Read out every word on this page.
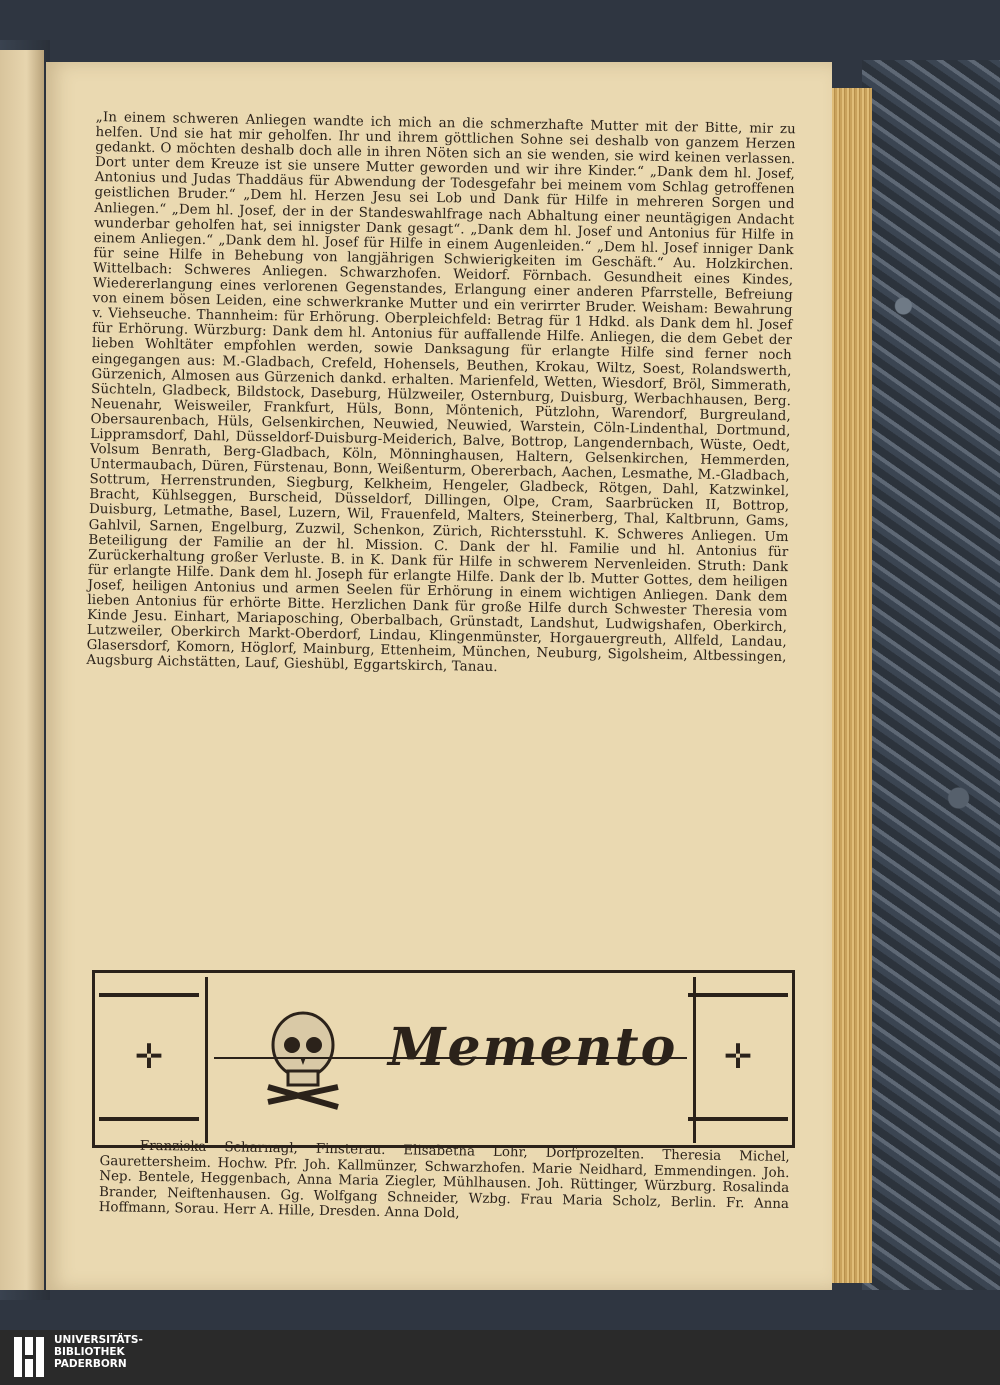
„In einem schweren Anliegen wandte ich mich an die schmerzhafte Mutter mit der Bitte, mir zu helfen. Und sie hat mir geholfen. Ihr und ihrem göttlichen Sohne sei deshalb von ganzem Herzen gedankt. O möchten deshalb doch alle in ihren Nöten sich an sie wenden, sie wird keinen verlassen. Dort unter dem Kreuze ist sie unsere Mutter geworden und wir ihre Kinder.“ „Dank dem hl. Josef, Antonius und Judas Thaddäus für Abwendung der Todesgefahr bei meinem vom Schlag getroffenen geistlichen Bruder.“ „Dem hl. Herzen Jesu sei Lob und Dank für Hilfe in mehreren Sorgen und Anliegen.“ „Dem hl. Josef, der in der Standeswahlfrage nach Abhaltung einer neuntägigen Andacht wunderbar geholfen hat, sei innigster Dank gesagt“. „Dank dem hl. Josef und Antonius für Hilfe in einem Anliegen.“ „Dank dem hl. Josef für Hilfe in einem Augenleiden.“ „Dem hl. Josef inniger Dank für seine Hilfe in Behebung von langjährigen Schwierigkeiten im Geschäft.“ Au. Holzkirchen. Wittelbach: Schweres Anliegen. Schwarzhofen. Weidorf. Förnbach. Gesundheit eines Kindes, Wiedererlangung eines verlorenen Gegenstandes, Erlangung einer anderen Pfarrstelle, Befreiung von einem bösen Leiden, eine schwerkranke Mutter und ein verirrter Bruder. Weisham: Bewahrung v. Viehseuche. Thannheim: für Erhörung. Oberpleichfeld: Betrag für 1 Hdkd. als Dank dem hl. Josef für Erhörung. Würzburg: Dank dem hl. Antonius für auffallende Hilfe. Anliegen, die dem Gebet der lieben Wohltäter empfohlen werden, sowie Danksagung für erlangte Hilfe sind ferner noch eingegangen aus: M.-Gladbach, Crefeld, Hohensels, Beuthen, Krokau, Wiltz, Soest, Rolandswerth, Gürzenich, Almosen aus Gürzenich dankd. erhalten. Marienfeld, Wetten, Wiesdorf, Bröl, Simmerath, Süchteln, Gladbeck, Bildstock, Daseburg, Hülzweiler, Osternburg, Duisburg, Werbachhausen, Berg. Neuenahr, Weisweiler, Frankfurt, Hüls, Bonn, Möntenich, Pützlohn, Warendorf, Burgreuland, Obersaurenbach, Hüls, Gelsenkirchen, Neuwied, Neuwied, Warstein, Cöln-Lindenthal, Dortmund, Lippramsdorf, Dahl, Düsseldorf-Duisburg-Meiderich, Balve, Bottrop, Langendernbach, Wüste, Oedt, Volsum Benrath, Berg-Gladbach, Köln, Mönninghausen, Haltern, Gelsenkirchen, Hemmerden, Untermaubach, Düren, Fürstenau, Bonn, Weißenturm, Obererbach, Aachen, Lesmathe, M.-Gladbach, Sottrum, Herrenstrunden, Siegburg, Kelkheim, Hengeler, Gladbeck, Rötgen, Dahl, Katzwinkel, Bracht, Kühlseggen, Burscheid, Düsseldorf, Dillingen, Olpe, Cram, Saarbrücken II, Bottrop, Duisburg, Letmathe, Basel, Luzern, Wil, Frauenfeld, Malters, Steinerberg, Thal, Kaltbrunn, Gams, Gahlvil, Sarnen, Engelburg, Zuzwil, Schenkon, Zürich, Richtersstuhl. K. Schweres Anliegen. Um Beteiligung der Familie an der hl. Mission. C. Dank der hl. Familie und hl. Antonius für Zurückerhaltung großer Verluste. B. in K. Dank für Hilfe in schwerem Nervenleiden. Struth: Dank für erlangte Hilfe. Dank dem hl. Joseph für erlangte Hilfe. Dank der lb. Mutter Gottes, dem heiligen Josef, heiligen Antonius und armen Seelen für Erhörung in einem wichtigen Anliegen. Dank dem lieben Antonius für erhörte Bitte. Herzlichen Dank für große Hilfe durch Schwester Theresia vom Kinde Jesu. Einhart, Mariaposching, Oberbalbach, Grünstadt, Landshut, Ludwigshafen, Oberkirch, Lutzweiler, Oberkirch Markt-Oberdorf, Lindau, Klingenmünster, Horgauergreuth, Allfeld, Landau, Glasersdorf, Komorn, Höglorf, Mainburg, Ettenheim, München, Neuburg, Sigolsheim, Altbessingen, Augsburg Aichstätten, Lauf, Gieshübl, Eggartskirch, Tanau.

✛	Memento ✛

Franziska Scharnagl, Finsterau. Elisabetha Löhr, Dorfprozelten. Theresia Michel, Gaurettersheim. Hochw. Pfr. Joh. Kallmünzer, Schwarzhofen. Marie Neidhard, Emmendingen. Joh. Nep. Bentele, Heggenbach, Anna Maria Ziegler, Mühlhausen. Joh. Rüttinger, Würzburg. Rosalinda Brander, Neiftenhausen. Gg. Wolfgang Schneider, Wzbg. Frau Maria Scholz, Berlin. Fr. Anna Hoffmann, Sorau. Herr A. Hille, Dresden. Anna Dold,

UNIVERSITÄTS-
BIBLIOTHEK
PADERBORN
